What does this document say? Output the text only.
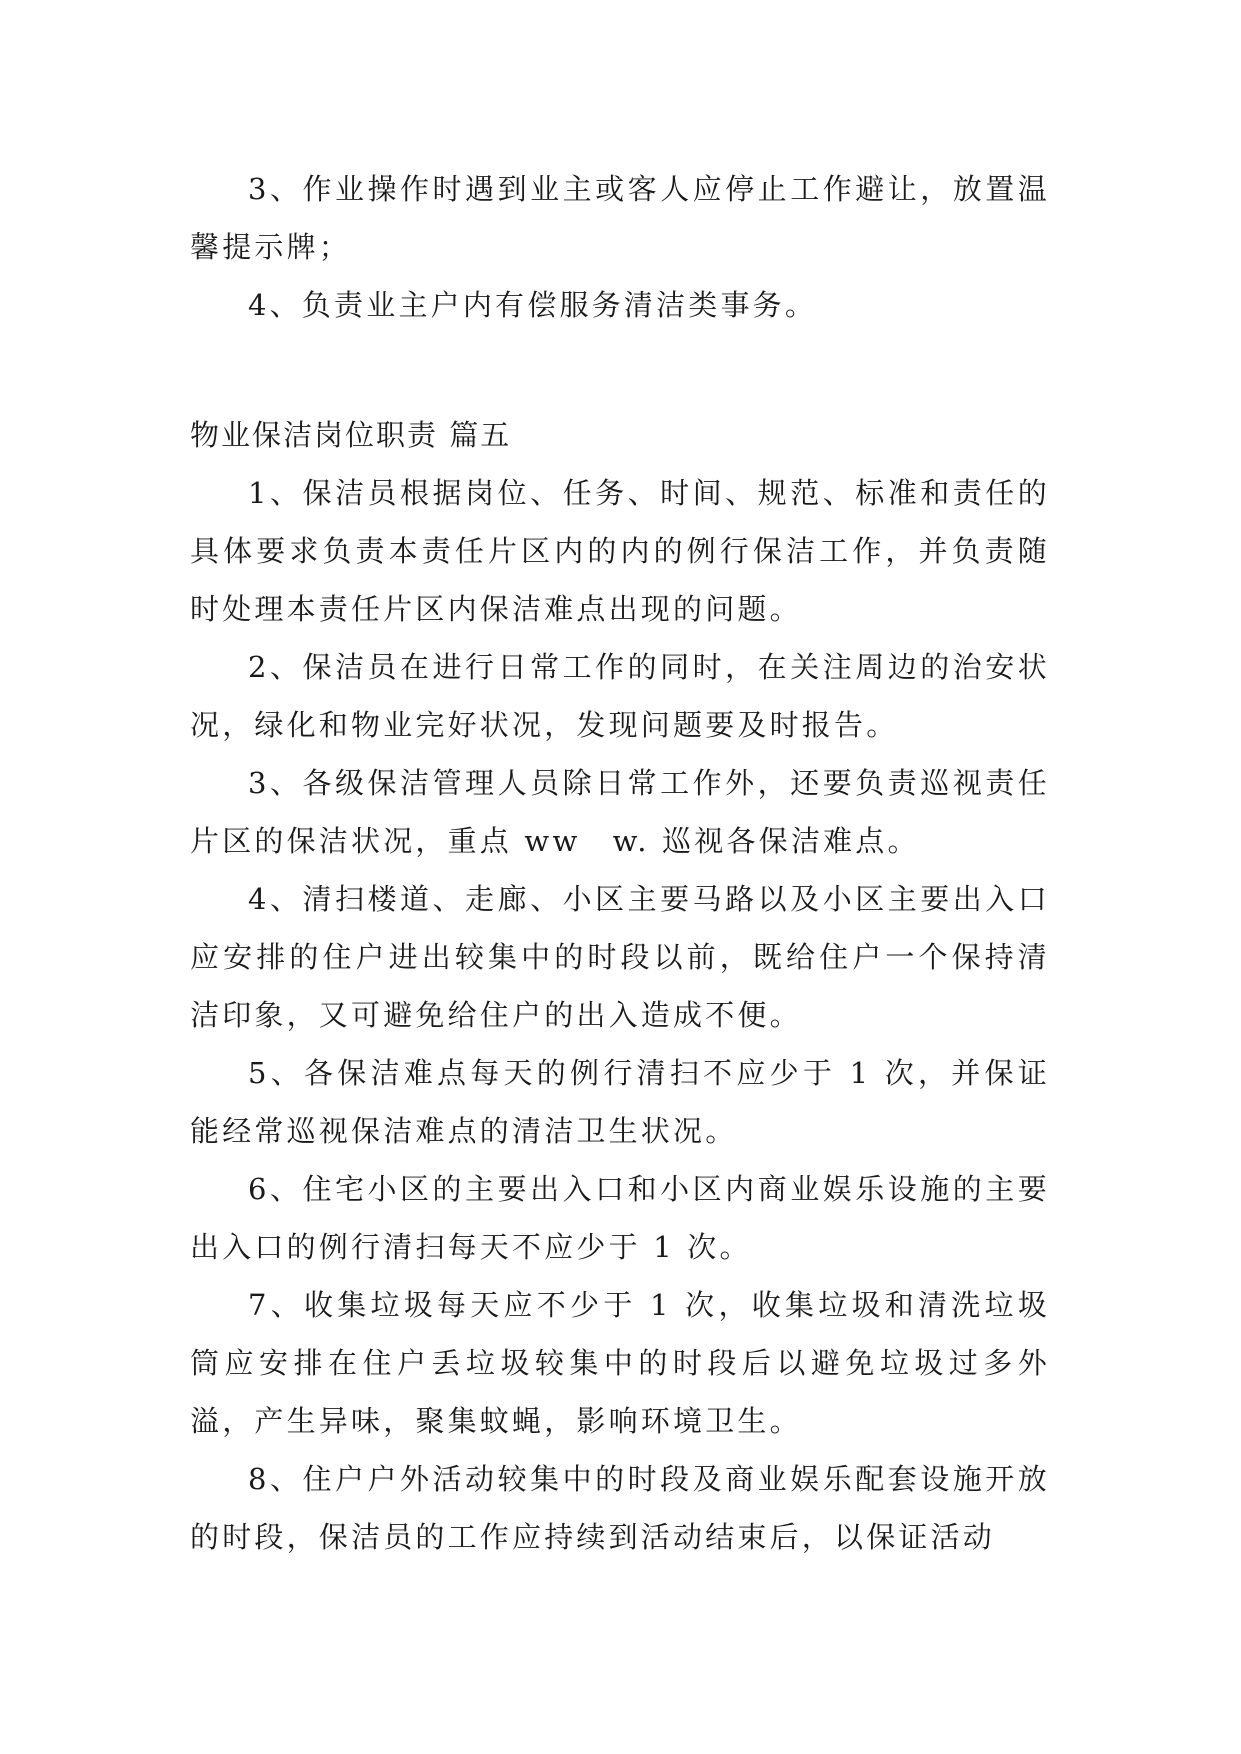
3、作业操作时遇到业主或客人应停止工作避让，放置温馨提示牌；

4、负责业主户内有偿服务清洁类事务。

物业保洁岗位职责 篇五

1、保洁员根据岗位、任务、时间、规范、标准和责任的具体要求负责本责任片区内的内的例行保洁工作，并负责随时处理本责任片区内保洁难点出现的问题。

2、保洁员在进行日常工作的同时，在关注周边的治安状况，绿化和物业完好状况，发现问题要及时报告。

3、各级保洁管理人员除日常工作外，还要负责巡视责任片区的保洁状况，重点 ww　w. 巡视各保洁难点。

4、清扫楼道、走廊、小区主要马路以及小区主要出入口应安排的住户进出较集中的时段以前，既给住户一个保持清洁印象，又可避免给住户的出入造成不便。

5、各保洁难点每天的例行清扫不应少于 1 次，并保证能经常巡视保洁难点的清洁卫生状况。

6、住宅小区的主要出入口和小区内商业娱乐设施的主要出入口的例行清扫每天不应少于 1 次。

7、收集垃圾每天应不少于 1 次，收集垃圾和清洗垃圾筒应安排在住户丢垃圾较集中的时段后以避免垃圾过多外溢，产生异味，聚集蚊蝇，影响环境卫生。

8、住户户外活动较集中的时段及商业娱乐配套设施开放的时段，保洁员的工作应持续到活动结束后，以保证活动
